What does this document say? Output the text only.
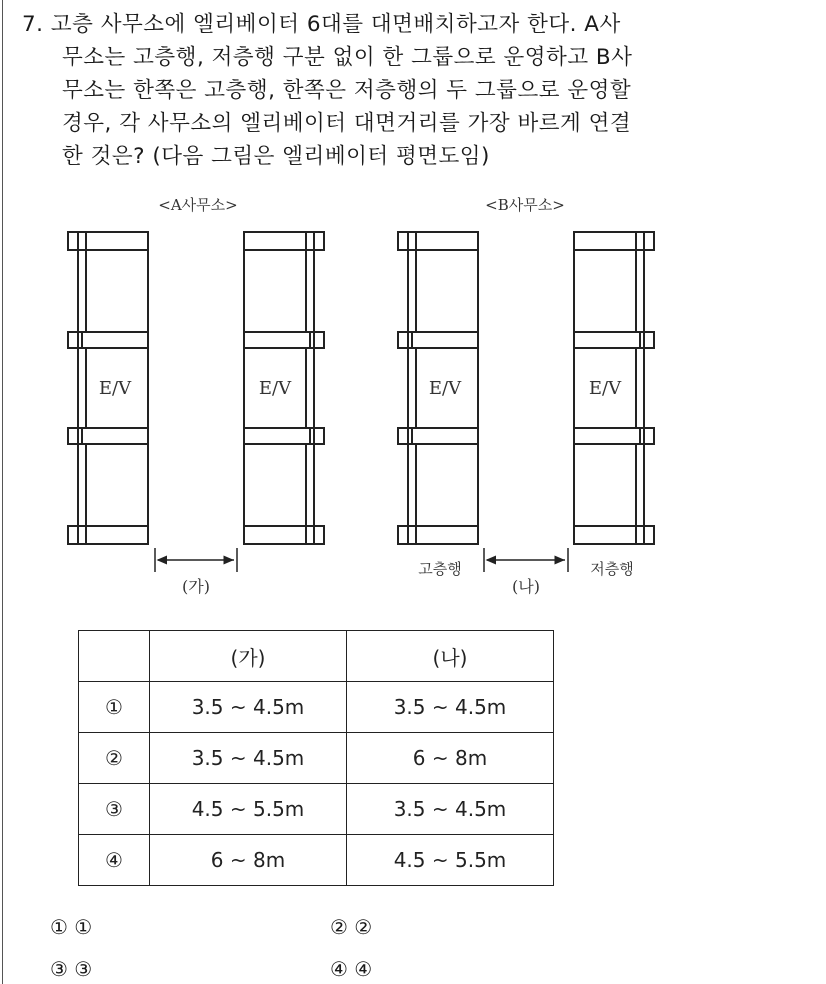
7. 고층 사무소에 엘리베이터 6대를 대면배치하고자 한다. A사
무소는 고층행, 저층행 구분 없이 한 그룹으로 운영하고 B사
무소는 한쪽은 고층행, 한쪽은 저층행의 두 그룹으로 운영할
경우, 각 사무소의 엘리베이터 대면거리를 가장 바르게 연결
한 것은? (다음 그림은 엘리베이터 평면도임)
<A사무소>
E/V	E/V
(가)
<B사무소>
E/V	E/V
(나)
고층행	저층행
	(가)	(나)
①	3.5 ~ 4.5m	3.5 ~ 4.5m
②	3.5 ~ 4.5m	6 ~ 8m
③	4.5 ~ 5.5m	3.5 ~ 4.5m
④	6 ~ 8m	4.5 ~ 5.5m
① ①	② ②
③ ③	④ ④
